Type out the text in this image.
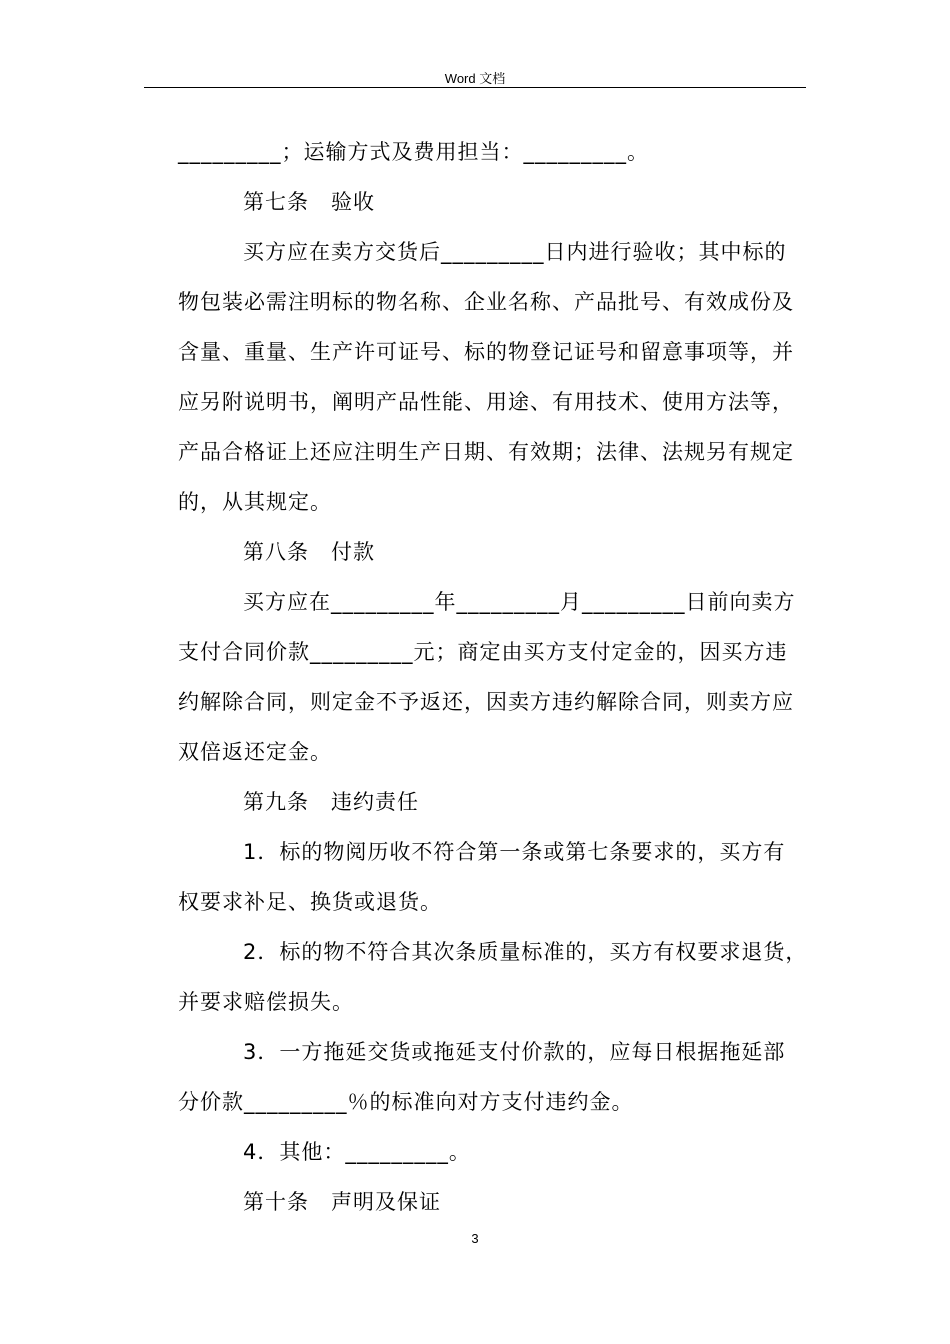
Word 文档
_________；运输方式及费用担当：_________。
第七条　验收
买方应在卖方交货后_________日内进行验收；其中标的
物包装必需注明标的物名称、企业名称、产品批号、有效成份及
含量、重量、生产许可证号、标的物登记证号和留意事项等，并
应另附说明书，阐明产品性能、用途、有用技术、使用方法等，
产品合格证上还应注明生产日期、有效期；法律、法规另有规定
的，从其规定。
第八条　付款
买方应在_________年_________月_________日前向卖方
支付合同价款_________元；商定由买方支付定金的，因买方违
约解除合同，则定金不予返还，因卖方违约解除合同，则卖方应
双倍返还定金。
第九条　违约责任
1．标的物阅历收不符合第一条或第七条要求的，买方有
权要求补足、换货或退货。
2．标的物不符合其次条质量标准的，买方有权要求退货，
并要求赔偿损失。
3．一方拖延交货或拖延支付价款的，应每日根据拖延部
分价款_________％的标准向对方支付违约金。
4．其他：_________。
第十条　声明及保证
3
